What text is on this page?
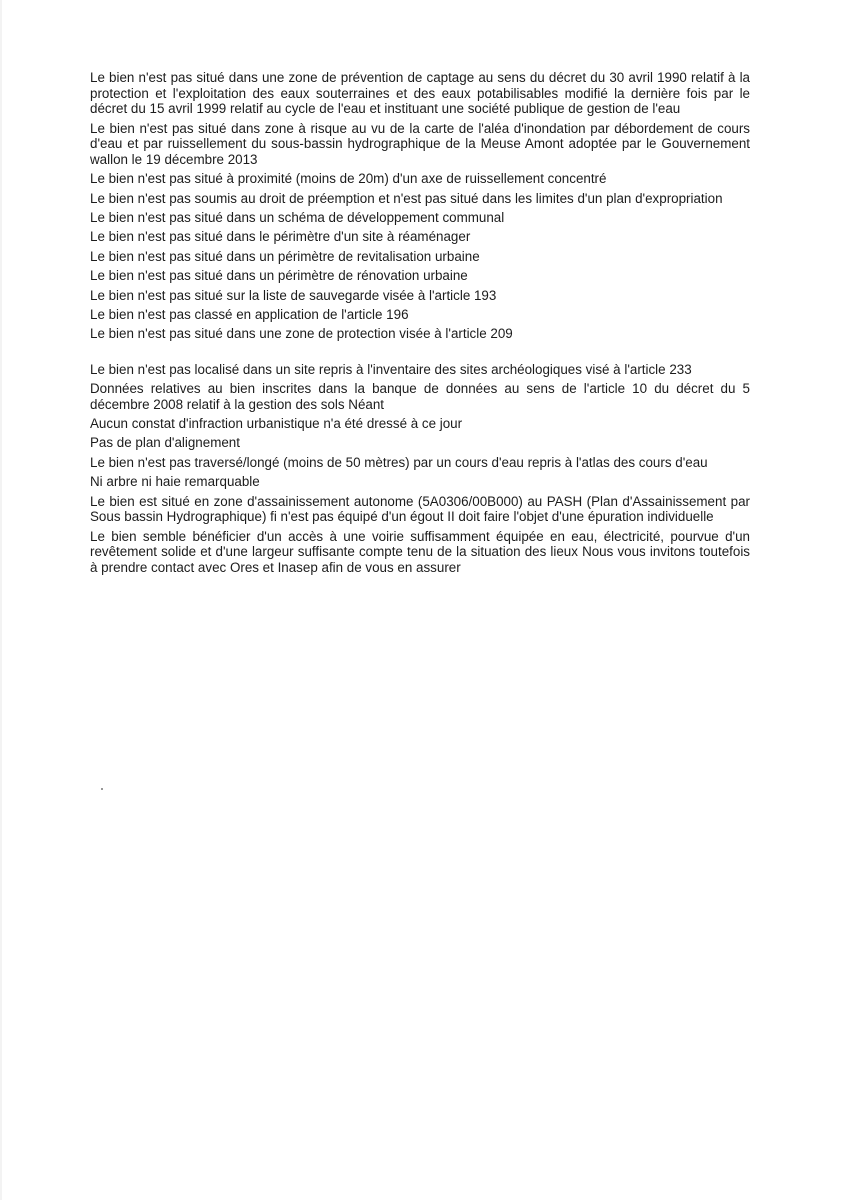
Le bien n'est pas situé dans une zone de prévention de captage au sens du décret du 30 avril 1990 relatif à la protection et l'exploitation des eaux souterraines et des eaux potabilisables modifié la dernière fois par le décret du 15 avril 1999 relatif au cycle de l'eau et instituant une société publique de gestion de l'eau

Le bien n'est pas situé dans zone à risque au vu de la carte de l'aléa d'inondation par débordement de cours d'eau et par ruissellement du sous-bassin hydrographique de la Meuse Amont adoptée par le Gouvernement wallon le 19 décembre 2013

Le bien n'est pas situé à proximité (moins de 20m) d'un axe de ruissellement concentré

Le bien n'est pas soumis au droit de préemption et n'est pas situé dans les limites d'un plan d'expropriation

Le bien n'est pas situé dans un schéma de développement communal

Le bien n'est pas situé dans le périmètre d'un site à réaménager

Le bien n'est pas situé dans un périmètre de revitalisation urbaine

Le bien n'est pas situé dans un périmètre de rénovation urbaine

Le bien n'est pas situé sur la liste de sauvegarde visée à l'article 193

Le bien n'est pas classé en application de l'article 196

Le bien n'est pas situé dans une zone de protection visée à l'article 209

Le bien n'est pas localisé dans un site repris à l'inventaire des sites archéologiques visé à l'article 233

Données relatives au bien inscrites dans la banque de données au sens de l'article 10 du décret du 5 décembre 2008 relatif à la gestion des sols Néant

Aucun constat d'infraction urbanistique n'a été dressé à ce jour

Pas de plan d'alignement

Le bien n'est pas traversé/longé (moins de 50 mètres) par un cours d'eau repris à l'atlas des cours d'eau

Ni arbre ni haie remarquable

Le bien est situé en zone d'assainissement autonome (5A0306/00B000) au PASH (Plan d'Assainissement par Sous bassin Hydrographique) fi n'est pas équipé d'un égout II doit faire l'objet d'une épuration individuelle

Le bien semble bénéficier d'un accès à une voirie suffisamment équipée en eau, électricité, pourvue d'un revêtement solide et d'une largeur suffisante compte tenu de la situation des lieux Nous vous invitons toutefois à prendre contact avec Ores et Inasep afin de vous en assurer
